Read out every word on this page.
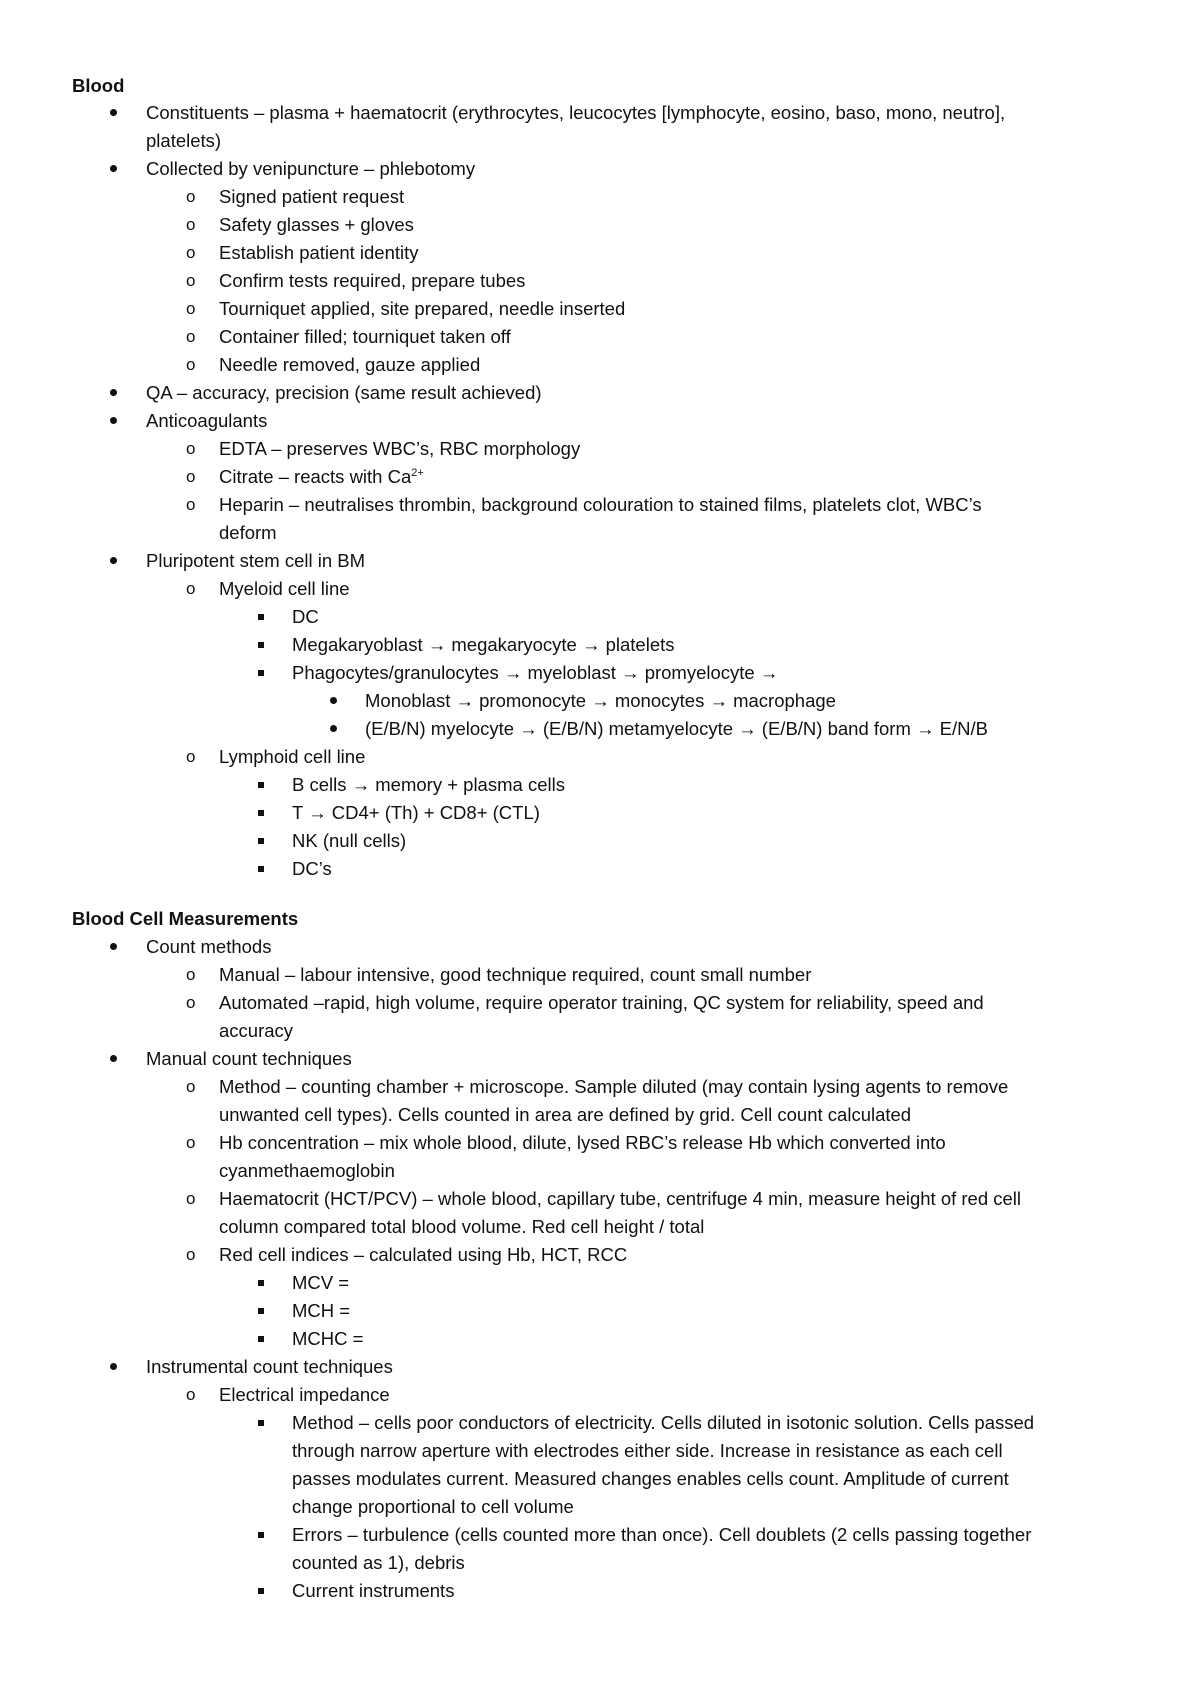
Blood
Constituents – plasma + haematocrit (erythrocytes, leucocytes [lymphocyte, eosino, baso, mono, neutro],
platelets)
Collected by venipuncture – phlebotomy
o Signed patient request
o Safety glasses + gloves
o Establish patient identity
o Confirm tests required, prepare tubes
o Tourniquet applied, site prepared, needle inserted
o Container filled; tourniquet taken off
o Needle removed, gauze applied
QA – accuracy, precision (same result achieved)
Anticoagulants
o EDTA – preserves WBC’s, RBC morphology
o Citrate – reacts with $Ca^{2+}$
o Heparin – neutralises thrombin, background colouration to stained films, platelets clot, WBC’s
deform
Pluripotent stem cell in BM
o Myeloid cell line
DC
Megakaryoblast → megakaryocyte → platelets
Phagocytes/granulocytes → myeloblast → promyelocyte →
Monoblast → promonocyte → monocytes → macrophage
(E/B/N) myelocyte → (E/B/N) metamyelocyte → (E/B/N) band form → E/N/B
o Lymphoid cell line
B cells → memory + plasma cells
T → CD4+ (Th) + CD8+ (CTL)
NK (null cells)
DC’s
Blood Cell Measurements
Count methods
o Manual – labour intensive, good technique required, count small number
o Automated –rapid, high volume, require operator training, QC system for reliability, speed and
accuracy
Manual count techniques
o Method – counting chamber + microscope. Sample diluted (may contain lysing agents to remove
unwanted cell types). Cells counted in area are defined by grid. Cell count calculated
o Hb concentration – mix whole blood, dilute, lysed RBC’s release Hb which converted into
cyanmethaemoglobin
o Haematocrit (HCT/PCV) – whole blood, capillary tube, centrifuge 4 min, measure height of red cell
column compared total blood volume. Red cell height / total
o Red cell indices – calculated using Hb, HCT, RCC
MCV =
MCH =
MCHC =
Instrumental count techniques
o Electrical impedance
Method – cells poor conductors of electricity. Cells diluted in isotonic solution. Cells passed
through narrow aperture with electrodes either side. Increase in resistance as each cell
passes modulates current. Measured changes enables cells count. Amplitude of current
change proportional to cell volume
Errors – turbulence (cells counted more than once). Cell doublets (2 cells passing together
counted as 1), debris
Current instruments
